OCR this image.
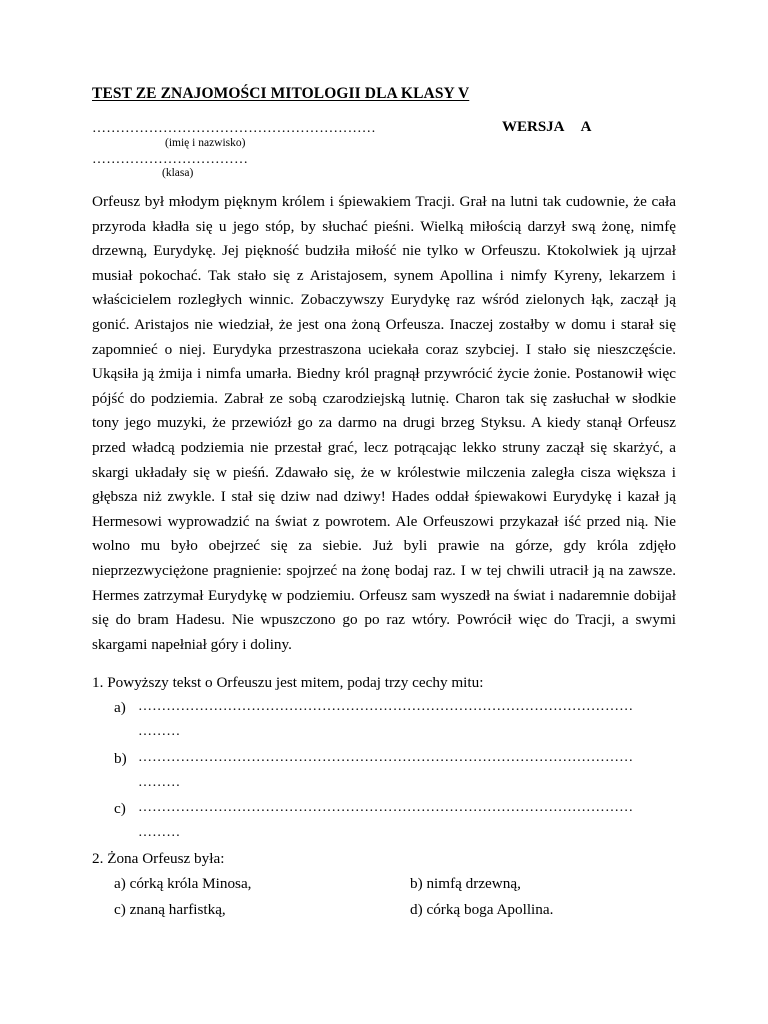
TEST ZE ZNAJOMOŚCI MITOLOGII DLA KLASY V
……………………………………………………
(imię i nazwisko)
WERSJA A
……………………………
(klasa)
Orfeusz był młodym pięknym królem i śpiewakiem Tracji. Grał na lutni tak cudownie, że cała przyroda kładła się u jego stóp, by słuchać pieśni. Wielką miłością darzył swą żonę, nimfę drzewną, Eurydykę. Jej piękność budziła miłość nie tylko w Orfeuszu. Ktokolwiek ją ujrzał musiał pokochać. Tak stało się z Aristajosem, synem Apollina i nimfy Kyreny, lekarzem i właścicielem rozległych winnic. Zobaczywszy Eurydykę raz wśród zielonych łąk, zaczął ją gonić. Aristajos nie wiedział, że jest ona żoną Orfeusza. Inaczej zostałby w domu i starał się zapomnieć o niej. Eurydyka przestraszona uciekała coraz szybciej. I stało się nieszczęście. Ukąsiła ją żmija i nimfa umarła. Biedny król pragnął przywrócić życie żonie. Postanowił więc pójść do podziemia. Zabrał ze sobą czarodziejską lutnię. Charon tak się zasłuchał w słodkie tony jego muzyki, że przewiózł go za darmo na drugi brzeg Styksu. A kiedy stanął Orfeusz przed władcą podziemia nie przestał grać, lecz potrącając lekko struny zaczął się skarżyć, a skargi układały się w pieśń. Zdawało się, że w królestwie milczenia zaległa cisza większa i głębsza niż zwykle. I stał się dziw nad dziwy! Hades oddał śpiewakowi Eurydykę i kazał ją Hermesowi wyprowadzić na świat z powrotem. Ale Orfeuszowi przykazał iść przed nią. Nie wolno mu było obejrzeć się za siebie. Już byli prawie na górze, gdy króla zdjęło nieprzezwyciężone pragnienie: spojrzeć na żonę bodaj raz. I w tej chwili utracił ją na zawsze. Hermes zatrzymał Eurydykę w podziemiu. Orfeusz sam wyszedł na świat i nadaremnie dobijał się do bram Hadesu. Nie wpuszczono go po raz wtóry. Powrócił więc do Tracji, a swymi skargami napełniał góry i doliny.
1. Powyższy tekst o Orfeuszu jest mitem, podaj trzy cechy mitu:
a) ……………………………………………………………………………………………
………
b) ……………………………………………………………………………………………
………
c) ……………………………………………………………………………………………
………
2. Żona Orfeusz była:
a) córką króla Minosa,	b) nimfą drzewną,
c) znaną harfistką,	d) córką boga Apollina.
